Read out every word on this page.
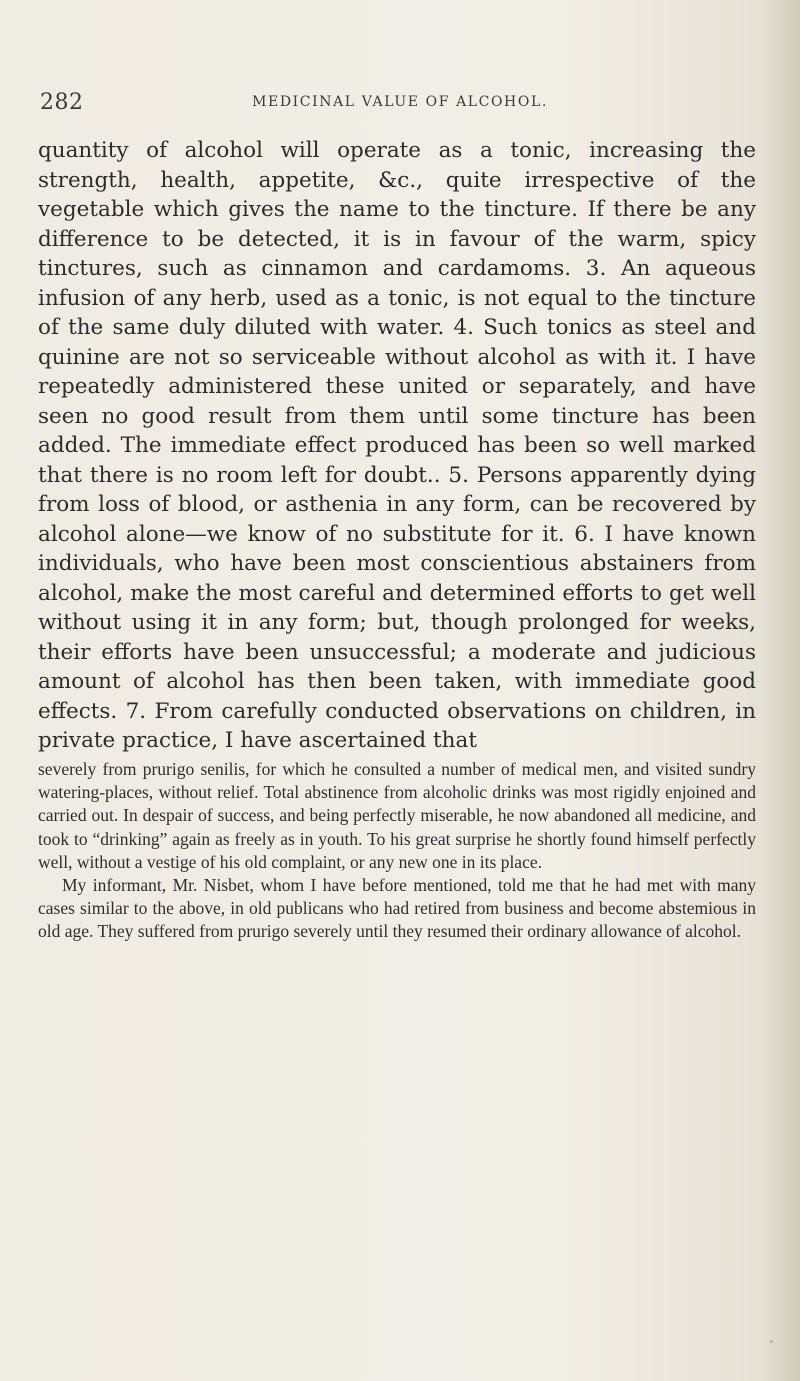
282	MEDICINAL VALUE OF ALCOHOL.

quantity of alcohol will operate as a tonic, increasing the strength, health, appetite, &c., quite irrespective of the vegetable which gives the name to the tincture. If there be any difference to be detected, it is in favour of the warm, spicy tinctures, such as cinnamon and cardamoms. 3. An aqueous infusion of any herb, used as a tonic, is not equal to the tincture of the same duly diluted with water. 4. Such tonics as steel and quinine are not so serviceable without alcohol as with it. I have repeatedly administered these united or separately, and have seen no good result from them until some tincture has been added. The immediate effect produced has been so well marked that there is no room left for doubt.. 5. Persons apparently dying from loss of blood, or asthenia in any form, can be recovered by alcohol alone—we know of no substitute for it. 6. I have known individuals, who have been most conscientious abstainers from alcohol, make the most careful and determined efforts to get well without using it in any form; but, though prolonged for weeks, their efforts have been unsuccessful; a moderate and judicious amount of alcohol has then been taken, with immediate good effects. 7. From carefully conducted observations on children, in private practice, I have ascertained that

severely from prurigo senilis, for which he consulted a number of medical men, and visited sundry watering-places, without relief. Total abstinence from alcoholic drinks was most rigidly enjoined and carried out. In despair of success, and being perfectly miserable, he now abandoned all medicine, and took to “drinking” again as freely as in youth. To his great surprise he shortly found himself perfectly well, without a vestige of his old complaint, or any new one in its place.

My informant, Mr. Nisbet, whom I have before mentioned, told me that he had met with many cases similar to the above, in old publicans who had retired from business and become abstemious in old age. They suffered from prurigo severely until they resumed their ordinary allowance of alcohol.
